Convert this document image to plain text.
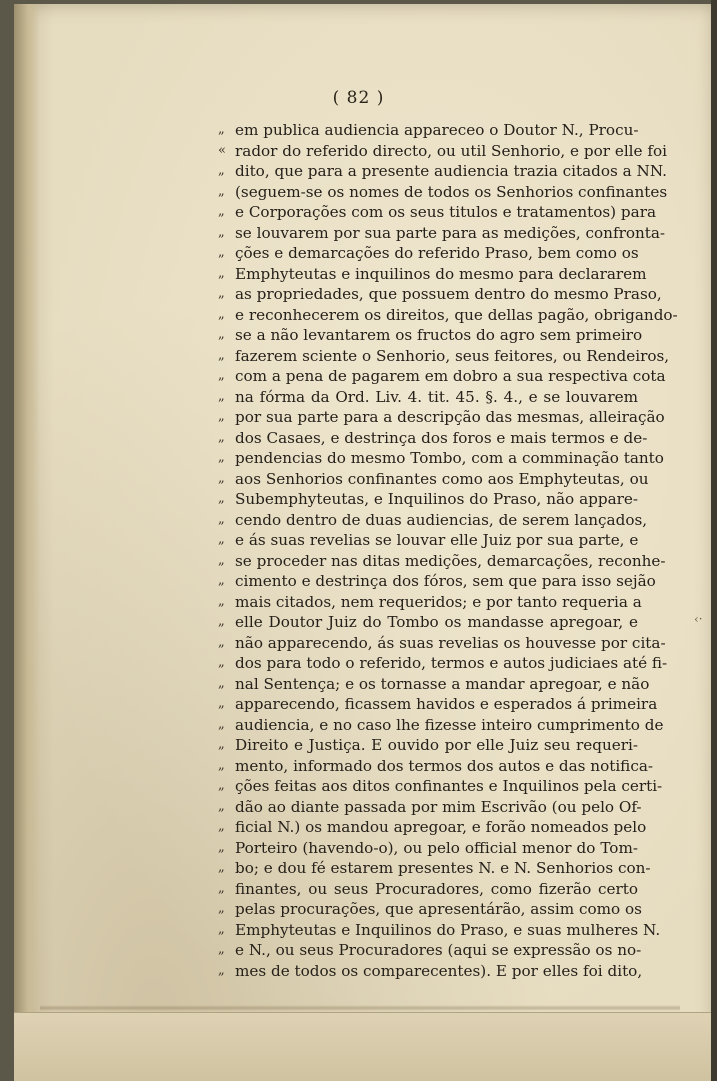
( 82 )
„ em publica audiencia appareceo o Doutor N., Procu-
« rador do referido directo, ou util Senhorio, e por elle foi
„ dito, que para a presente audiencia trazia citados a NN.
„ (seguem-se os nomes de todos os Senhorios confinantes
„ e Corporações com os seus titulos e tratamentos) para
„ se louvarem por sua parte para as medições, confronta-
„ ções e demarcações do referido Praso, bem como os
„ Emphyteutas e inquilinos do mesmo para declararem
„ as propriedades, que possuem dentro do mesmo Praso,
„ e reconhecerem os direitos, que dellas pagão, obrigando-
„ se a não levantarem os fructos do agro sem primeiro
„ fazerem sciente o Senhorio, seus feitores, ou Rendeiros,
„ com a pena de pagarem em dobro a sua respectiva cota
„ na fórma da Ord. Liv. 4. tit. 45. §. 4., e se louvarem
„ por sua parte para a descripção das mesmas, alleiração
„ dos Casaes, e destrinça dos foros e mais termos e de-
„ pendencias do mesmo Tombo, com a comminação tanto
„ aos Senhorios confinantes como aos Emphyteutas, ou
„ Subemphyteutas, e Inquilinos do Praso, não apparе-
„ cendo dentro de duas audiencias, de serem lançados,
„ e ás suas revelias se louvar elle Juiz por sua parte, e
„ se proceder nas ditas medições, demarcações, reconhe-
„ cimento e destrinça dos fóros, sem que para isso sejão
„ mais citados, nem requeridos; e por tanto requeria a
„ elle Doutor Juiz do Tombo os mandasse apregoar, e
„ não apparecendo, ás suas revelias os houvesse por cita-
„ dos para todo o referido, termos e autos judiciaes até fi-
„ nal Sentença; e os tornasse a mandar apregoar, e não
„ apparecendo, ficassem havidos e esperados á primeira
„ audiencia, e no caso lhe fizesse inteiro cumprimento de
„ Direito e Justiça. E ouvido por elle Juiz seu requeri-
„ mento, informado dos termos dos autos e das notifica-
„ ções feitas aos ditos confinantes e Inquilinos pela certi-
„ dão ao diante passada por mim Escrivão (ou pelo Of-
„ ficial N.) os mandou apregoar, e forão nomeados pelo
„ Porteiro (havendo-o), ou pelo official menor do Tom-
„ bo; e dou fé estarem presentes N. e N. Senhorios con-
„ finantes, ou seus Procuradores, como fizerão certo
„ pelas procurações, que apresentárão, assim como os
„ Emphyteutas e Inquilinos do Praso, e suas mulheres N.
„ e N., ou seus Procuradores (aqui se expressão os no-
„ mes de todos os comparecentes). E por elles foi dito,
‹·
